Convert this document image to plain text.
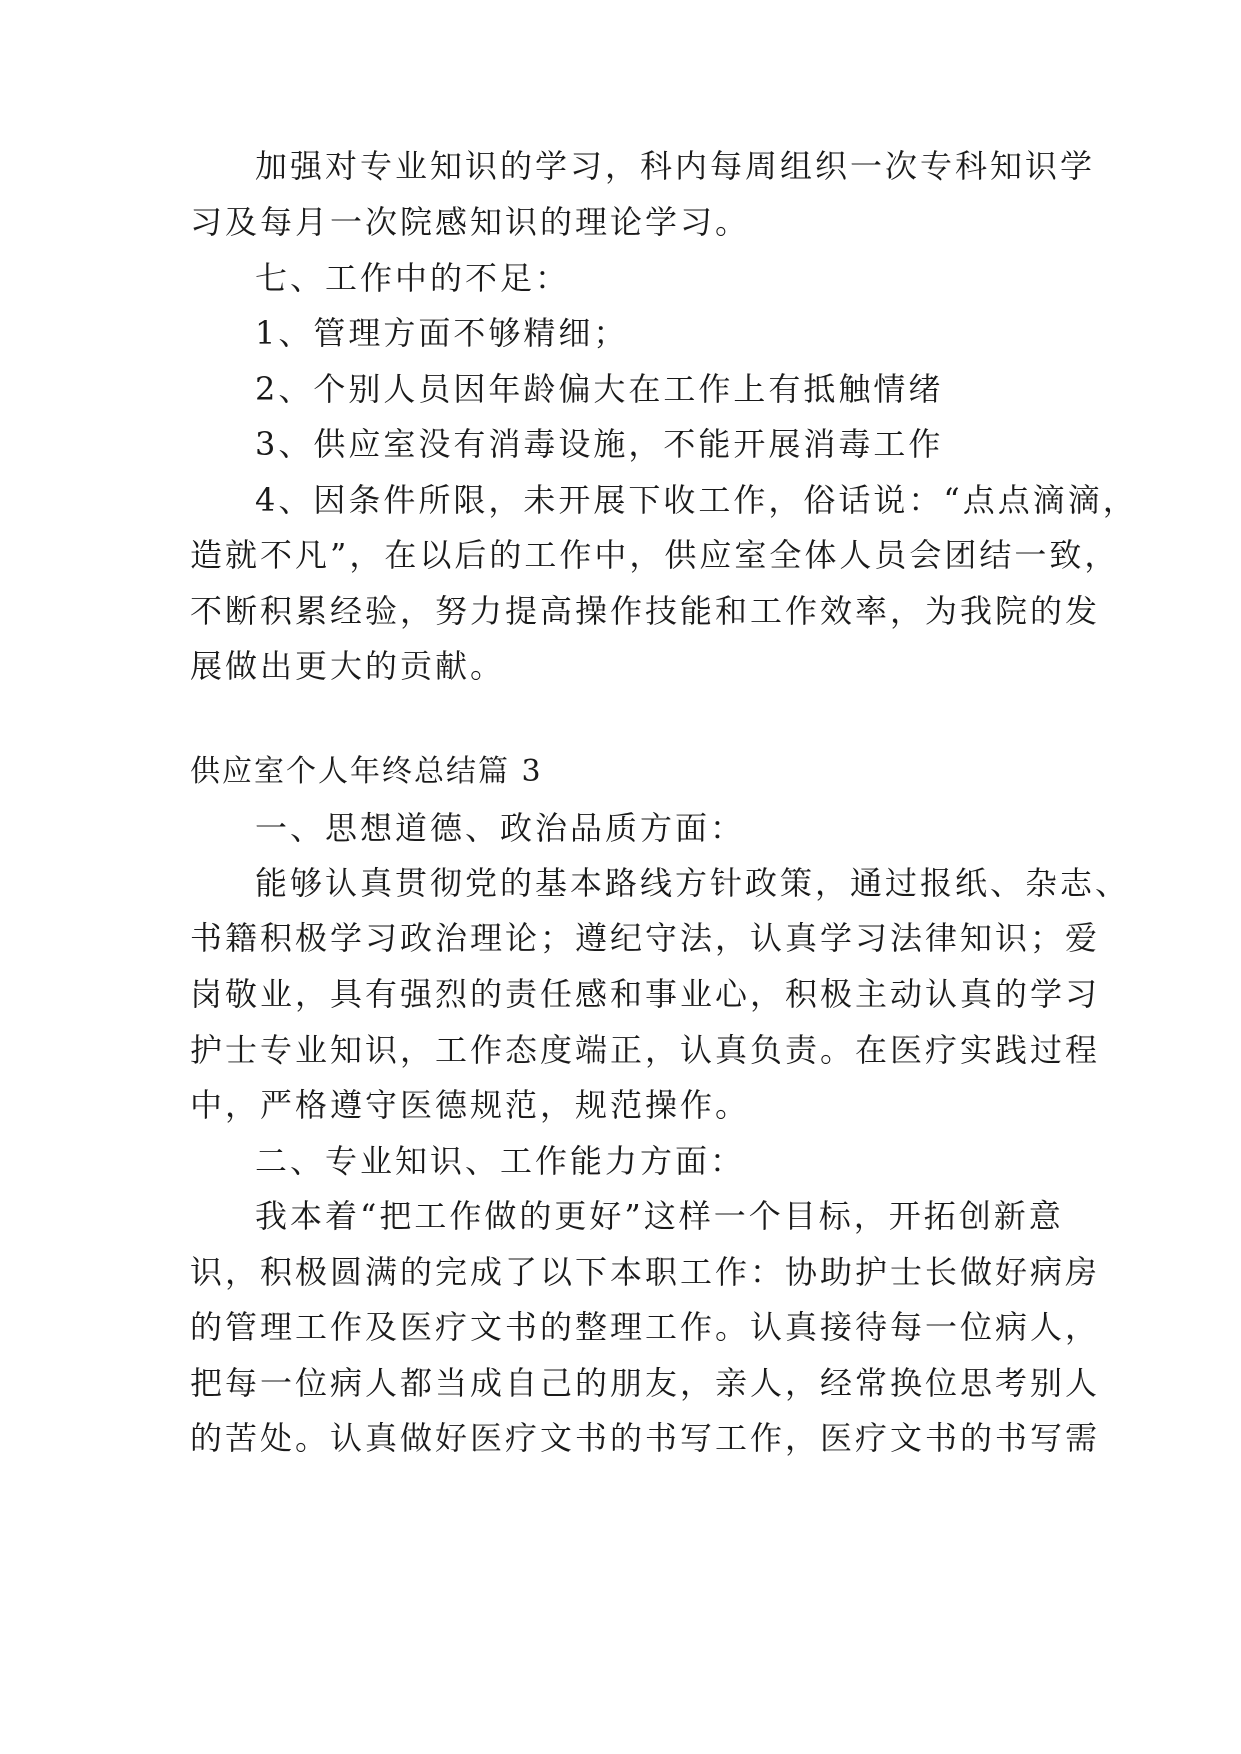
加强对专业知识的学习，科内每周组织一次专科知识学
习及每月一次院感知识的理论学习。
七、工作中的不足：
1、管理方面不够精细；
2、个别人员因年龄偏大在工作上有抵触情绪
3、供应室没有消毒设施，不能开展消毒工作
4、因条件所限，未开展下收工作，俗话说：“点点滴滴，
造就不凡”，在以后的工作中，供应室全体人员会团结一致，
不断积累经验，努力提高操作技能和工作效率，为我院的发
展做出更大的贡献。
供应室个人年终总结篇 3
一、思想道德、政治品质方面：
能够认真贯彻党的基本路线方针政策，通过报纸、杂志、
书籍积极学习政治理论；遵纪守法，认真学习法律知识；爱
岗敬业，具有强烈的责任感和事业心，积极主动认真的学习
护士专业知识，工作态度端正，认真负责。在医疗实践过程
中，严格遵守医德规范，规范操作。
二、专业知识、工作能力方面：
我本着“把工作做的更好”这样一个目标，开拓创新意
识，积极圆满的完成了以下本职工作：协助护士长做好病房
的管理工作及医疗文书的整理工作。认真接待每一位病人，
把每一位病人都当成自己的朋友，亲人，经常换位思考别人
的苦处。认真做好医疗文书的书写工作，医疗文书的书写需
